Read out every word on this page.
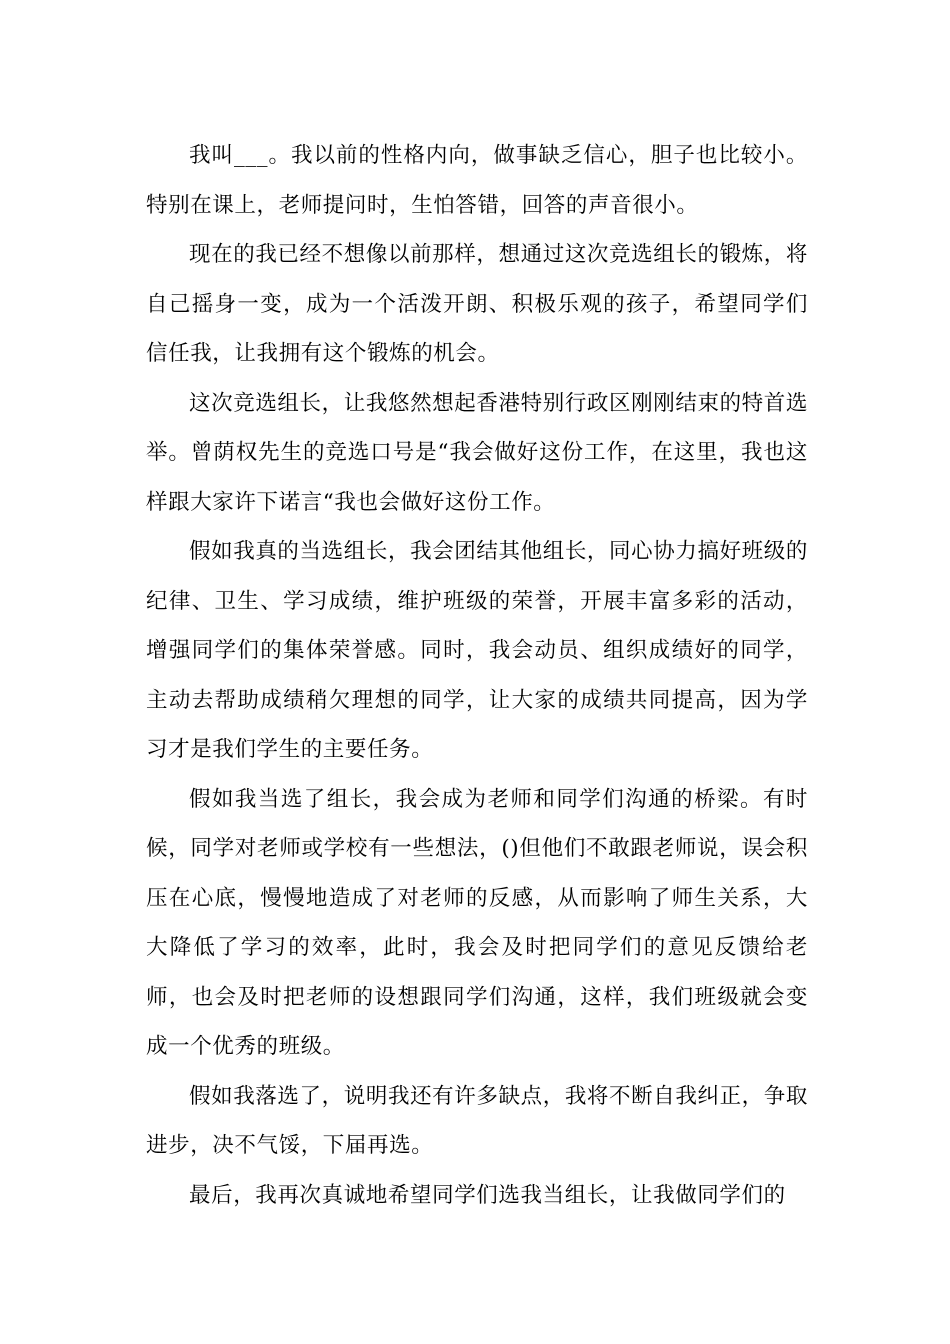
我叫___。我以前的性格内向，做事缺乏信心，胆子也比较小。特别在课上，老师提问时，生怕答错，回答的声音很小。

现在的我已经不想像以前那样，想通过这次竞选组长的锻炼，将自己摇身一变，成为一个活泼开朗、积极乐观的孩子，希望同学们信任我，让我拥有这个锻炼的机会。

这次竞选组长，让我悠然想起香港特别行政区刚刚结束的特首选举。曾荫权先生的竞选口号是“我会做好这份工作，在这里，我也这样跟大家许下诺言“我也会做好这份工作。

假如我真的当选组长，我会团结其他组长，同心协力搞好班级的纪律、卫生、学习成绩，维护班级的荣誉，开展丰富多彩的活动，增强同学们的集体荣誉感。同时，我会动员、组织成绩好的同学，主动去帮助成绩稍欠理想的同学，让大家的成绩共同提高，因为学习才是我们学生的主要任务。

假如我当选了组长，我会成为老师和同学们沟通的桥梁。有时候，同学对老师或学校有一些想法，()但他们不敢跟老师说，误会积压在心底，慢慢地造成了对老师的反感，从而影响了师生关系，大大降低了学习的效率，此时，我会及时把同学们的意见反馈给老师，也会及时把老师的设想跟同学们沟通，这样，我们班级就会变成一个优秀的班级。

假如我落选了，说明我还有许多缺点，我将不断自我纠正，争取进步，决不气馁，下届再选。

最后，我再次真诚地希望同学们选我当组长，让我做同学们的
